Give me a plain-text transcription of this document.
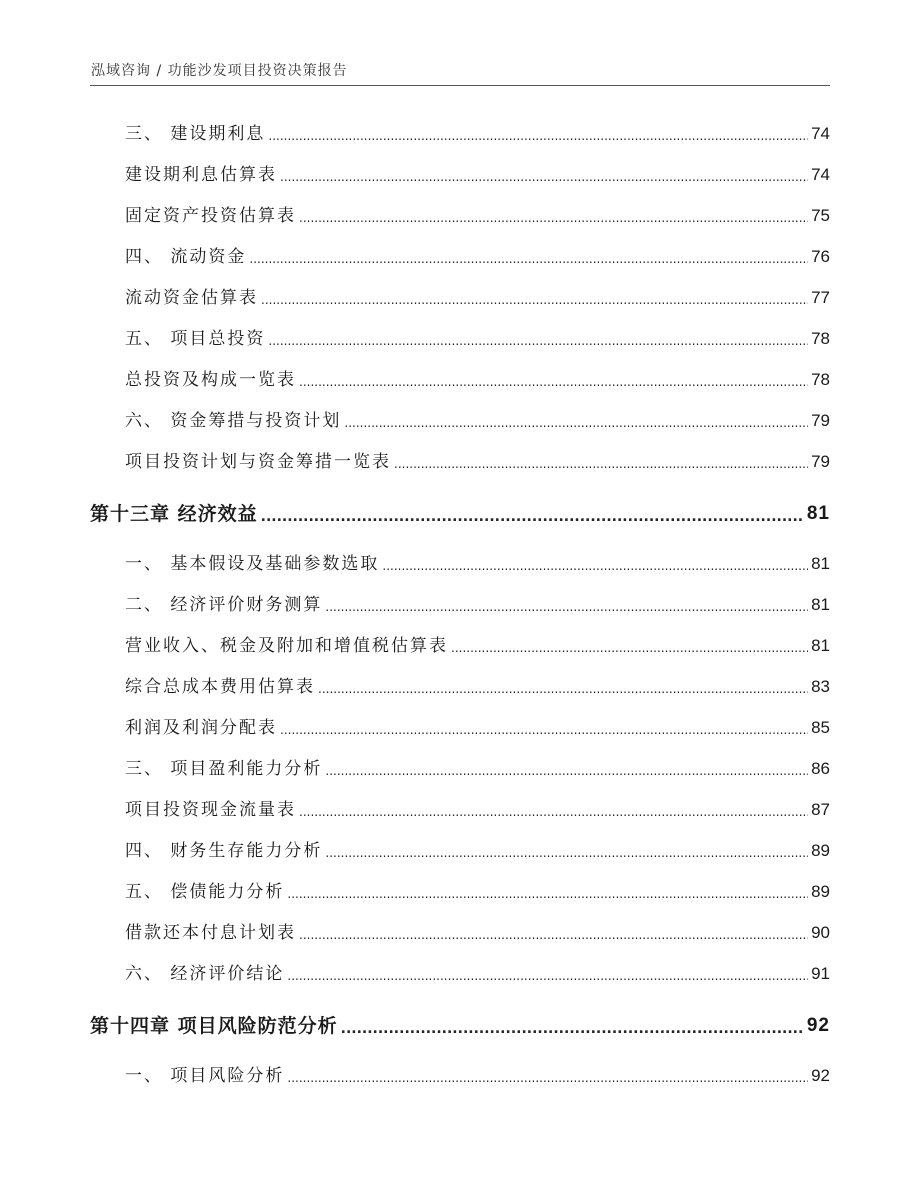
泓域咨询 / 功能沙发项目投资决策报告
三、 建设期利息 .....	74
建设期利息估算表 .....	74
固定资产投资估算表 .....	75
四、 流动资金 .....	76
流动资金估算表 .....	77
五、 项目总投资 .....	78
总投资及构成一览表 .....	78
六、 资金筹措与投资计划 .....	79
项目投资计划与资金筹措一览表 .....	79
第十三章 经济效益 .....	81
一、 基本假设及基础参数选取 .....	81
二、 经济评价财务测算 .....	81
营业收入、税金及附加和增值税估算表 .....	81
综合总成本费用估算表 .....	83
利润及利润分配表 .....	85
三、 项目盈利能力分析 .....	86
项目投资现金流量表 .....	87
四、 财务生存能力分析 .....	89
五、 偿债能力分析 .....	89
借款还本付息计划表 .....	90
六、 经济评价结论 .....	91
第十四章 项目风险防范分析 .....	92
一、 项目风险分析 .....	92
